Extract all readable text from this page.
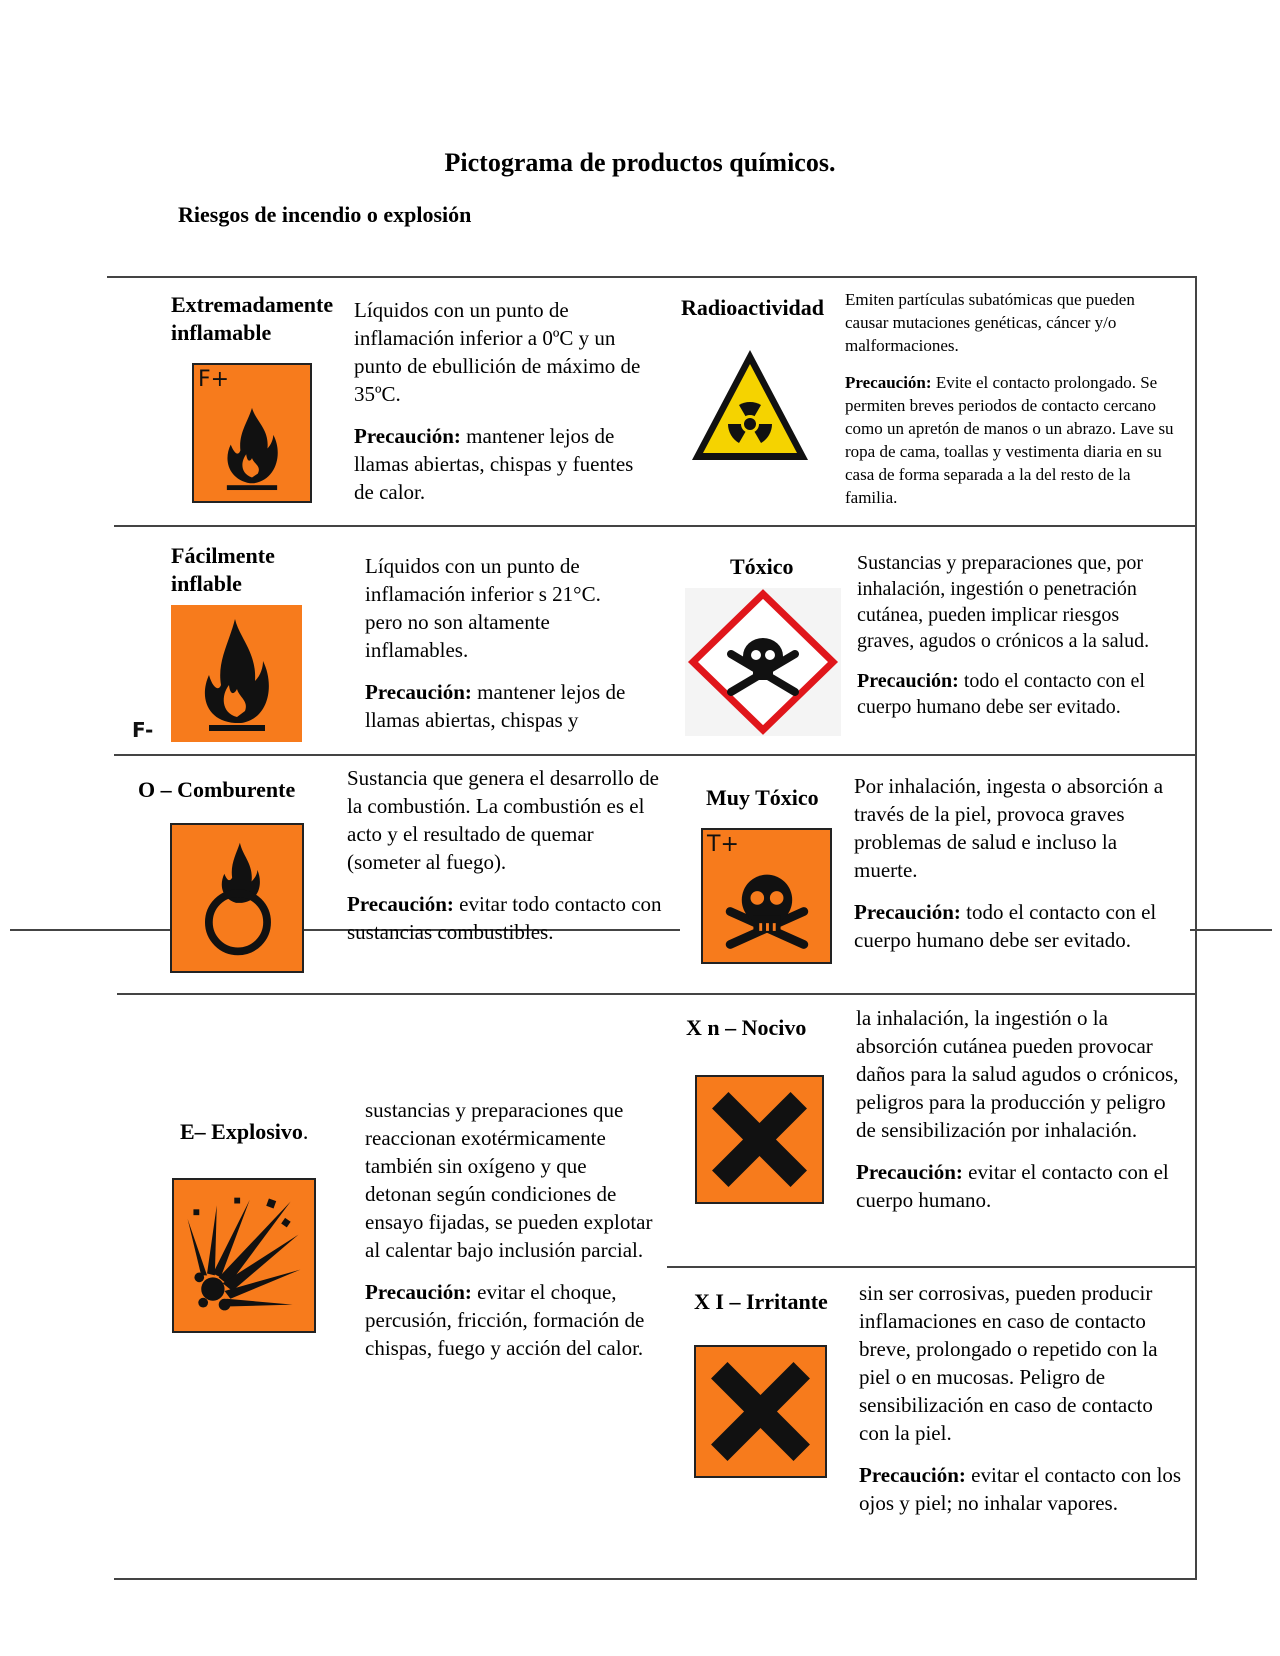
Pictograma de productos químicos.
Riesgos de incendio o explosión
Extremadamente inflamable
F+

Líquidos con un punto de inflamación inferior a 0ºC y un punto de ebullición de máximo de 35ºC.

Precaución: mantener lejos de llamas abiertas, chispas y fuentes de calor.

Radioactividad Emiten partículas subatómicas que pueden causar mutaciones genéticas, cáncer y/o malformaciones.

Precaución: Evite el contacto prolongado. Se permiten breves periodos de contacto cercano como un apretón de manos o un abrazo. Lave su ropa de cama, toallas y vestimenta diaria en su casa de forma separada a la del resto de la familia.

Fácilmente inflable
F-

Líquidos con un punto de inflamación inferior s 21°C. pero no son altamente inflamables.

Precaución: mantener lejos de llamas abiertas, chispas y

Tóxico	Sustancias y preparaciones que, por inhalación, ingestión o penetración cutánea, pueden implicar riesgos graves, agudos o crónicos a la salud.

Precaución: todo el contacto con el cuerpo humano debe ser evitado.

O – Comburente Sustancia que genera el desarrollo de la combustión. La combustión es el acto y el resultado de quemar (someter al fuego).

Precaución: evitar todo contacto con sustancias combustibles.

Muy Tóxico
T+

Por inhalación, ingesta o absorción a través de la piel, provoca graves problemas de salud e incluso la muerte.

Precaución: todo el contacto con el cuerpo humano debe ser evitado.

E– Explosivo.

sustancias y preparaciones que reaccionan exotérmicamente también sin oxígeno y que detonan según condiciones de ensayo fijadas, se pueden explotar al calentar bajo inclusión parcial.

Precaución: evitar el choque, percusión, fricción, formación de chispas, fuego y acción del calor.

X n – Nocivo la inhalación, la ingestión o la absorción cutánea pueden provocar daños para la salud agudos o crónicos, peligros para la producción y peligro de sensibilización por inhalación.

Precaución: evitar el contacto con el cuerpo humano.

X I – Irritante sin ser corrosivas, pueden producir inflamaciones en caso de contacto breve, prolongado o repetido con la piel o en mucosas. Peligro de sensibilización en caso de contacto con la piel.

Precaución: evitar el contacto con los ojos y piel; no inhalar vapores.
